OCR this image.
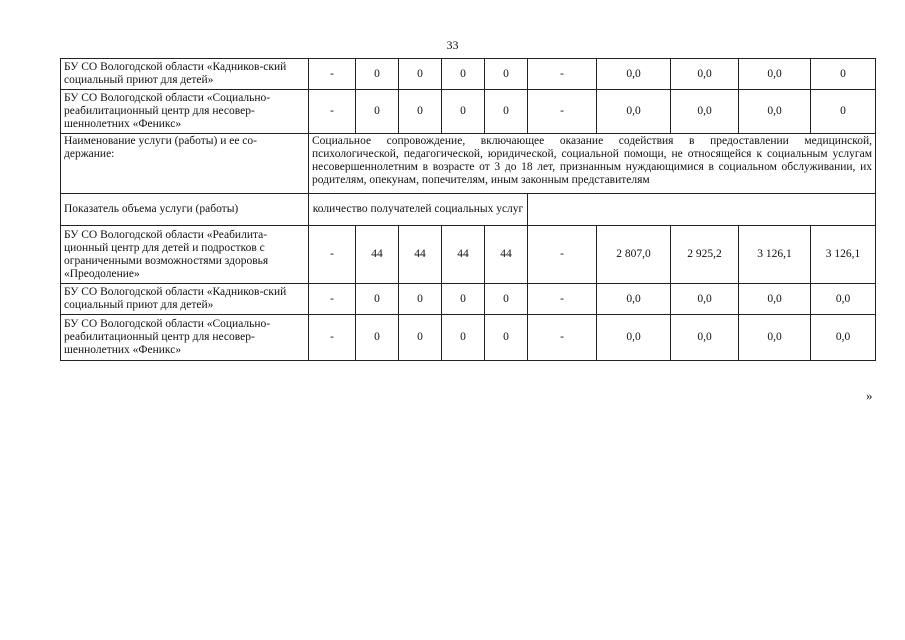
33
БУ СО Вологодской области «Кадников-ский социальный приют для детей»	-	0	0	0	0	-	0,0	0,0	0,0	0
БУ СО Вологодской области «Социально-реабилитационный центр для несовер-шеннолетних «Феникс»	-	0	0	0	0	-	0,0	0,0	0,0	0
Наименование услуги (работы) и ее со-держание:	Социальное сопровождение, включающее оказание содействия в предоставлении медицинской, психологической, педагогической, юридической, социальной помощи, не относящейся к социальным услугам несовершеннолетним в возрасте от 3 до 18 лет, признанным нуждающимися в социальном обслуживании, их родителям, опекунам, попечителям, иным законным представителям									
Показатель объема услуги (работы)	количество получателей социальных услуг									
БУ СО Вологодской области «Реабилита-ционный центр для детей и подростков с ограниченными возможностями здоровья «Преодоление»	-	44	44	44	44	-	2 807,0	2 925,2	3 126,1	3 126,1
БУ СО Вологодской области «Кадников-ский социальный приют для детей»	-	0	0	0	0	-	0,0	0,0	0,0	0,0
БУ СО Вологодской области «Социально-реабилитационный центр для несовер-шеннолетних «Феникс»	-	0	0	0	0	-	0,0	0,0	0,0	0,0
»
